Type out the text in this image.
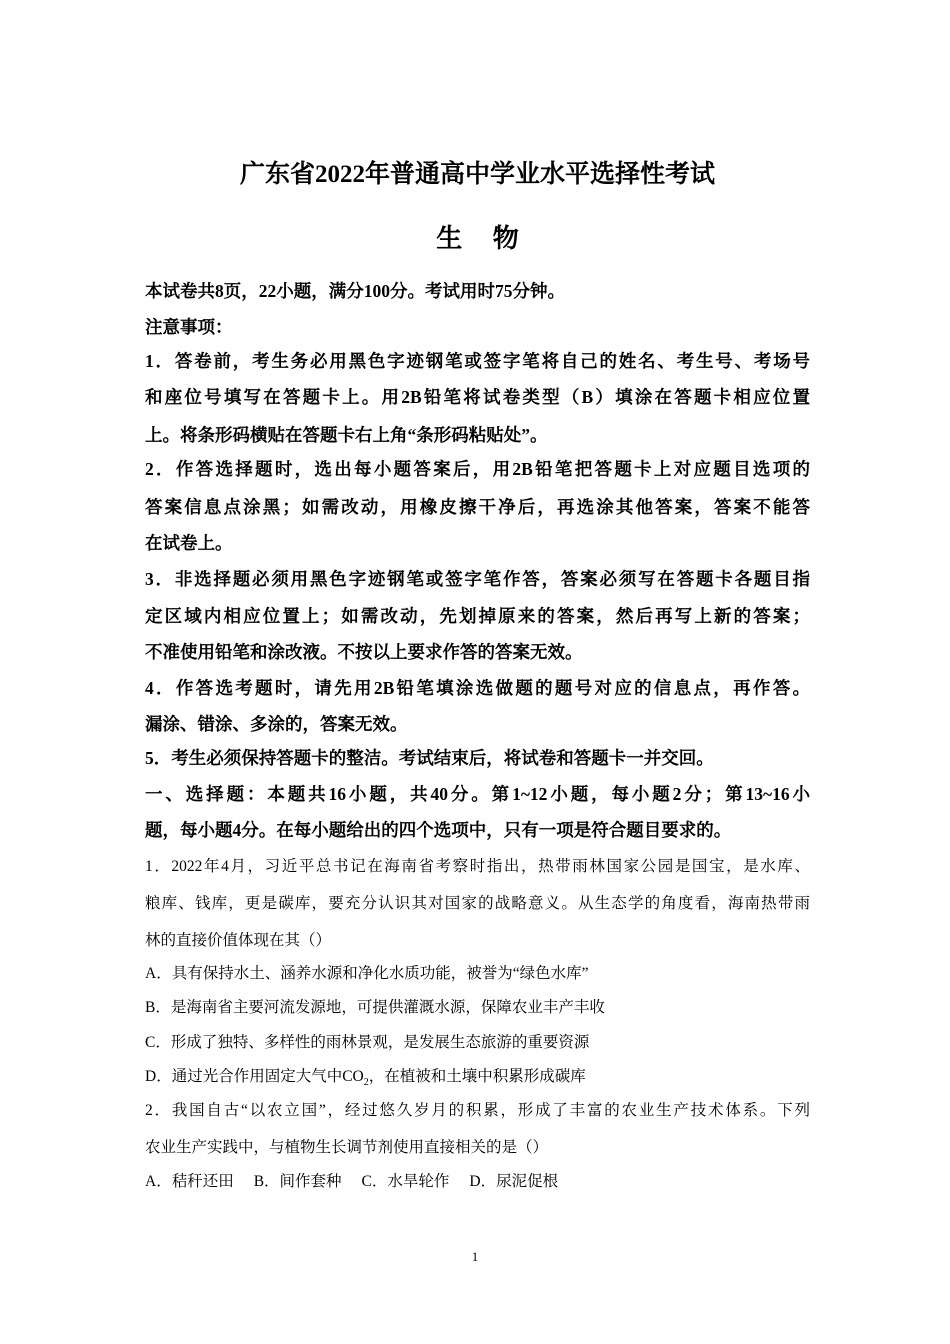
广东省2022年普通高中学业水平选择性考试
生 物
本试卷共8页，22小题，满分100分。考试用时75分钟。
注意事项：
1．答卷前，考生务必用黑色字迹钢笔或签字笔将自己的姓名、考生号、考场号
和座位号填写在答题卡上。用2B铅笔将试卷类型（B）填涂在答题卡相应位置
上。将条形码横贴在答题卡右上角“条形码粘贴处”。
2．作答选择题时，选出每小题答案后，用2B铅笔把答题卡上对应题目选项的
答案信息点涂黑；如需改动，用橡皮擦干净后，再选涂其他答案，答案不能答
在试卷上。
3．非选择题必须用黑色字迹钢笔或签字笔作答，答案必须写在答题卡各题目指
定区域内相应位置上；如需改动，先划掉原来的答案，然后再写上新的答案；
不准使用铅笔和涂改液。不按以上要求作答的答案无效。
4．作答选考题时，请先用2B铅笔填涂选做题的题号对应的信息点，再作答。
漏涂、错涂、多涂的，答案无效。
5．考生必须保持答题卡的整洁。考试结束后，将试卷和答题卡一并交回。
一、选择题：本题共16小题，共40分。第1~12小题，每小题2分；第13~16小
题，每小题4分。在每小题给出的四个选项中，只有一项是符合题目要求的。
1．2022年4月，习近平总书记在海南省考察时指出，热带雨林国家公园是国宝，是水库、
粮库、钱库，更是碳库，要充分认识其对国家的战略意义。从生态学的角度看，海南热带雨
林的直接价值体现在其（）
A．具有保持水土、涵养水源和净化水质功能，被誉为“绿色水库”
B．是海南省主要河流发源地，可提供灌溉水源，保障农业丰产丰收
C．形成了独特、多样性的雨林景观，是发展生态旅游的重要资源
D．通过光合作用固定大气中$CO_2$，在植被和土壤中积累形成碳库
2．我国自古“以农立国”，经过悠久岁月的积累，形成了丰富的农业生产技术体系。下列
农业生产实践中，与植物生长调节剂使用直接相关的是（）
A．秸秆还田 B．间作套种 C．水旱轮作 D．尿泥促根
1
